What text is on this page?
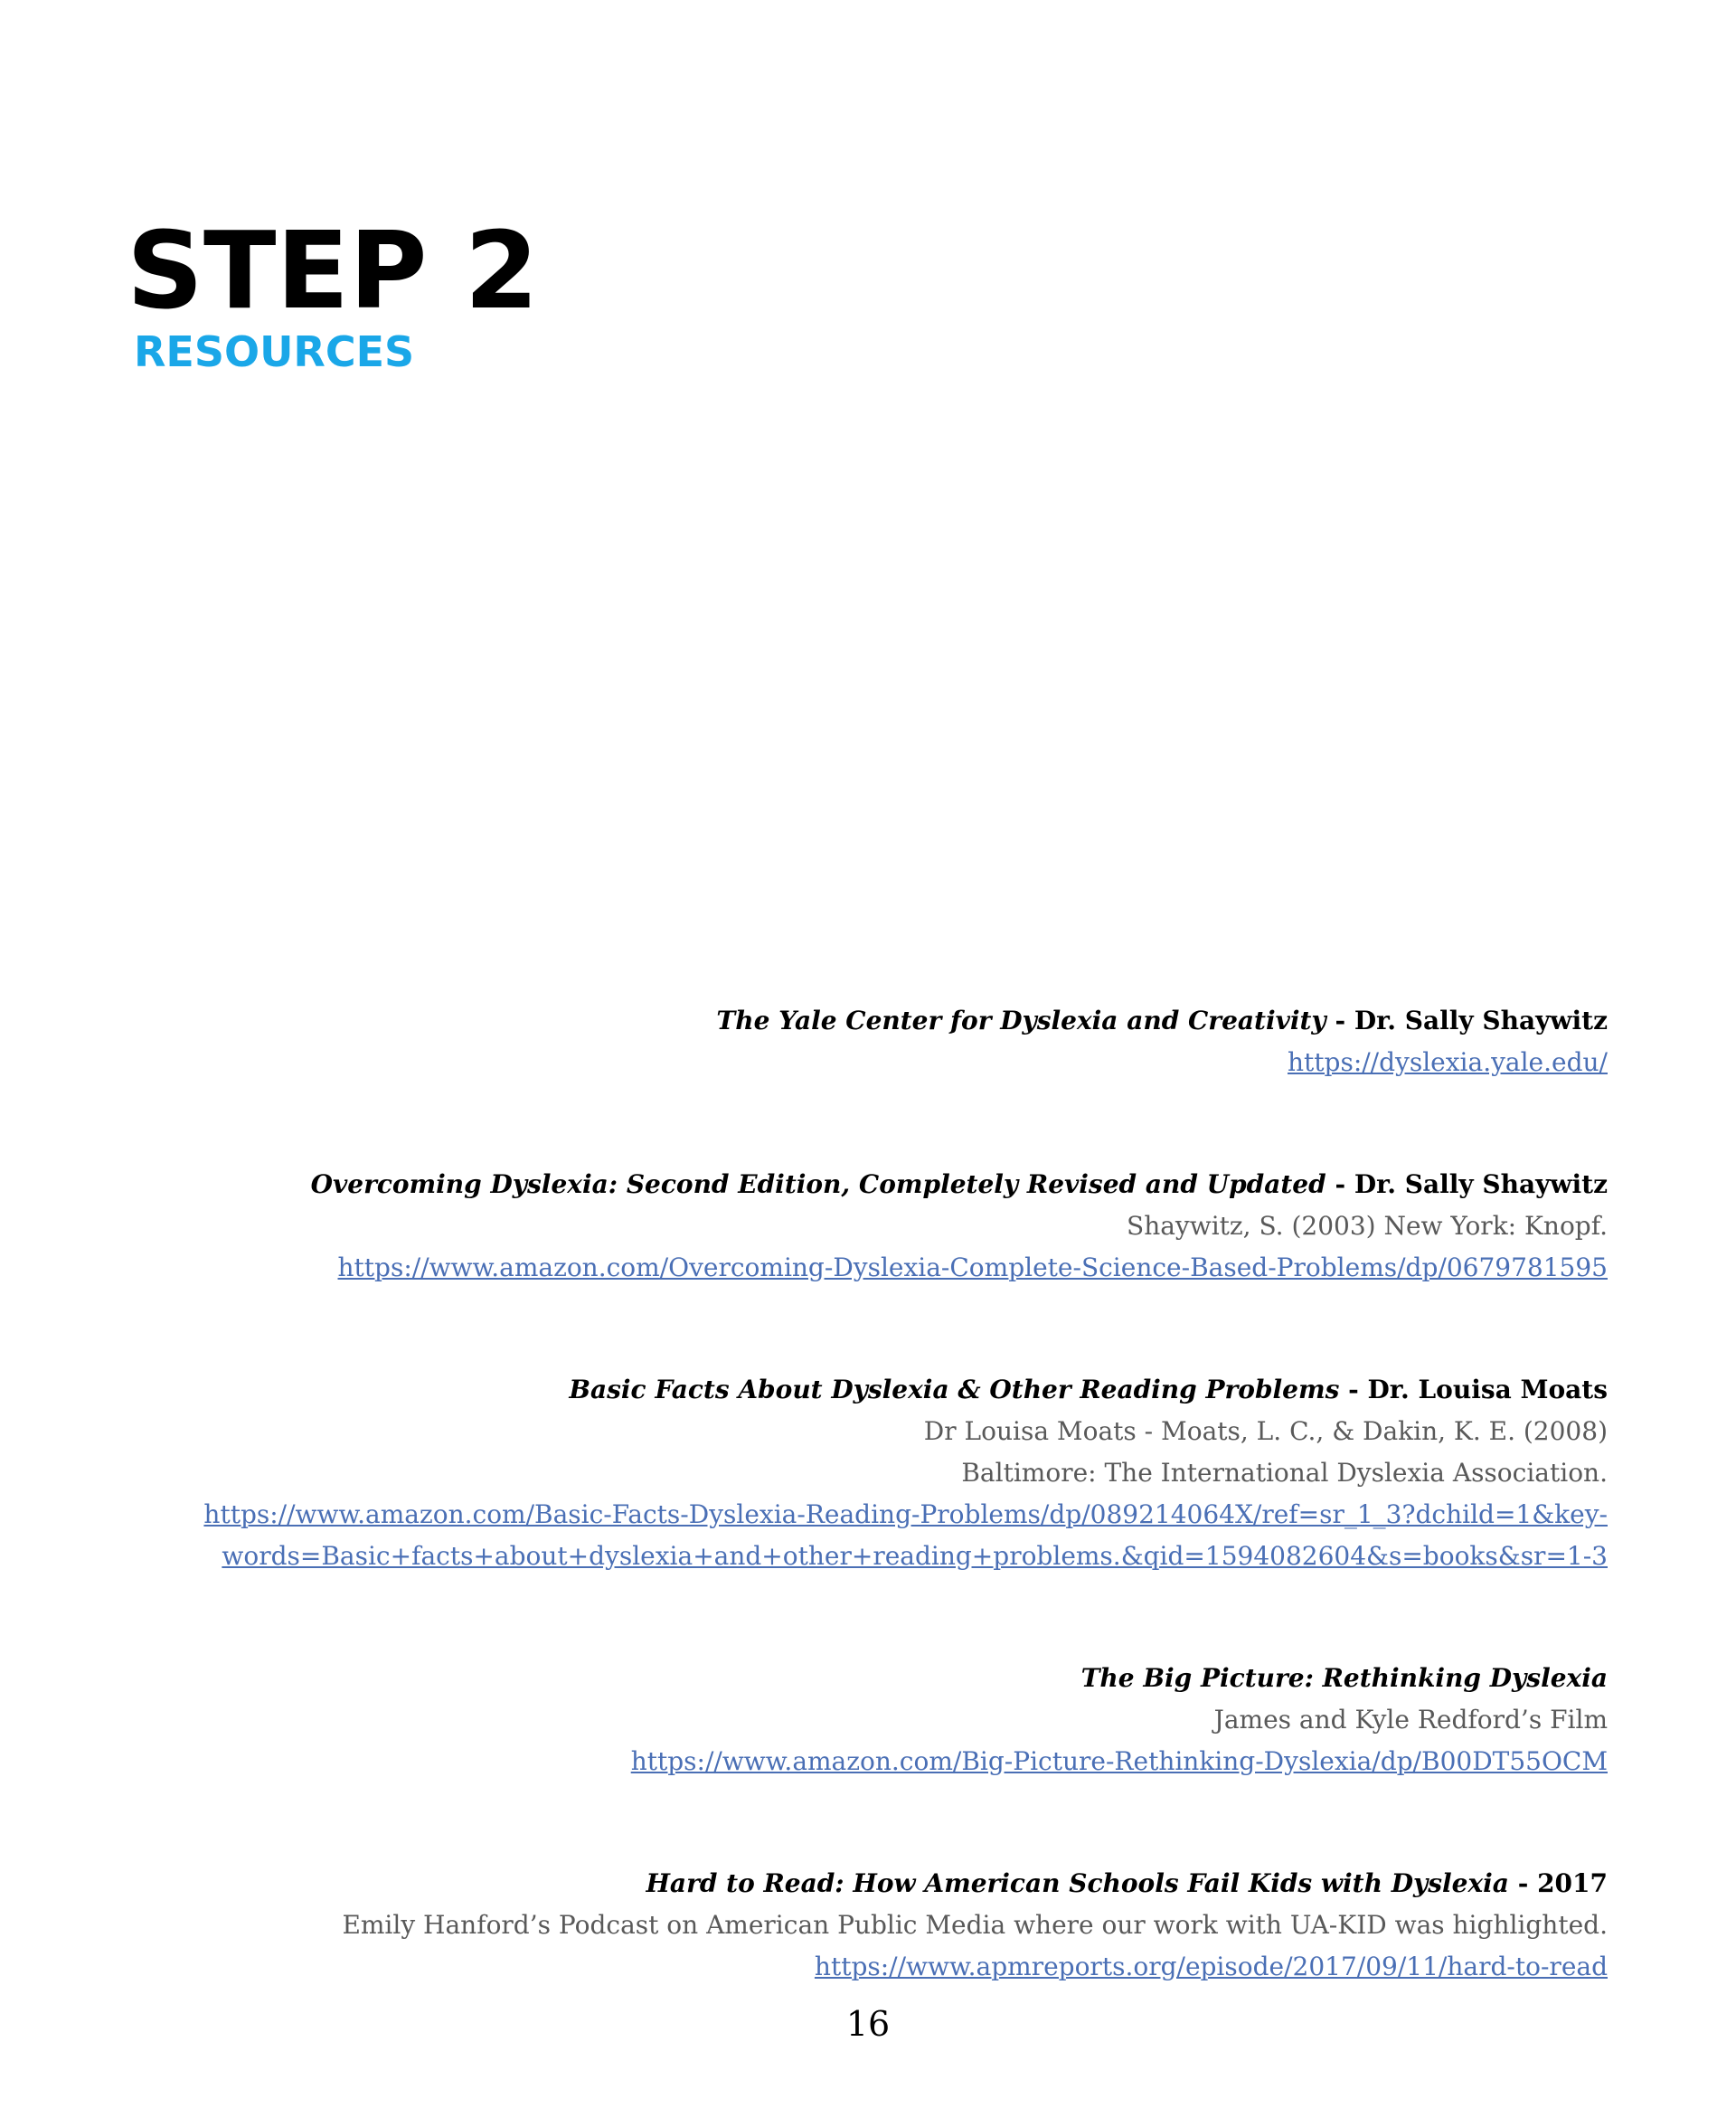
STEP 2
RESOURCES
The Yale Center for Dyslexia and Creativity - Dr. Sally Shaywitz
https://dyslexia.yale.edu/
Overcoming Dyslexia: Second Edition, Completely Revised and Updated - Dr. Sally Shaywitz
Shaywitz, S. (2003) New York: Knopf.
https://www.amazon.com/Overcoming-Dyslexia-Complete-Science-Based-Problems/dp/0679781595
Basic Facts About Dyslexia & Other Reading Problems - Dr. Louisa Moats
Dr Louisa Moats - Moats, L. C., & Dakin, K. E. (2008)
Baltimore: The International Dyslexia Association.
https://www.amazon.com/Basic-Facts-Dyslexia-Reading-Problems/dp/089214064X/ref=sr_1_3?dchild=1&key-
words=Basic+facts+about+dyslexia+and+other+reading+problems.&qid=1594082604&s=books&sr=1-3
The Big Picture: Rethinking Dyslexia
James and Kyle Redford’s Film
https://www.amazon.com/Big-Picture-Rethinking-Dyslexia/dp/B00DT55OCM
Hard to Read: How American Schools Fail Kids with Dyslexia - 2017
Emily Hanford’s Podcast on American Public Media where our work with UA-KID was highlighted.
https://www.apmreports.org/episode/2017/09/11/hard-to-read
16
